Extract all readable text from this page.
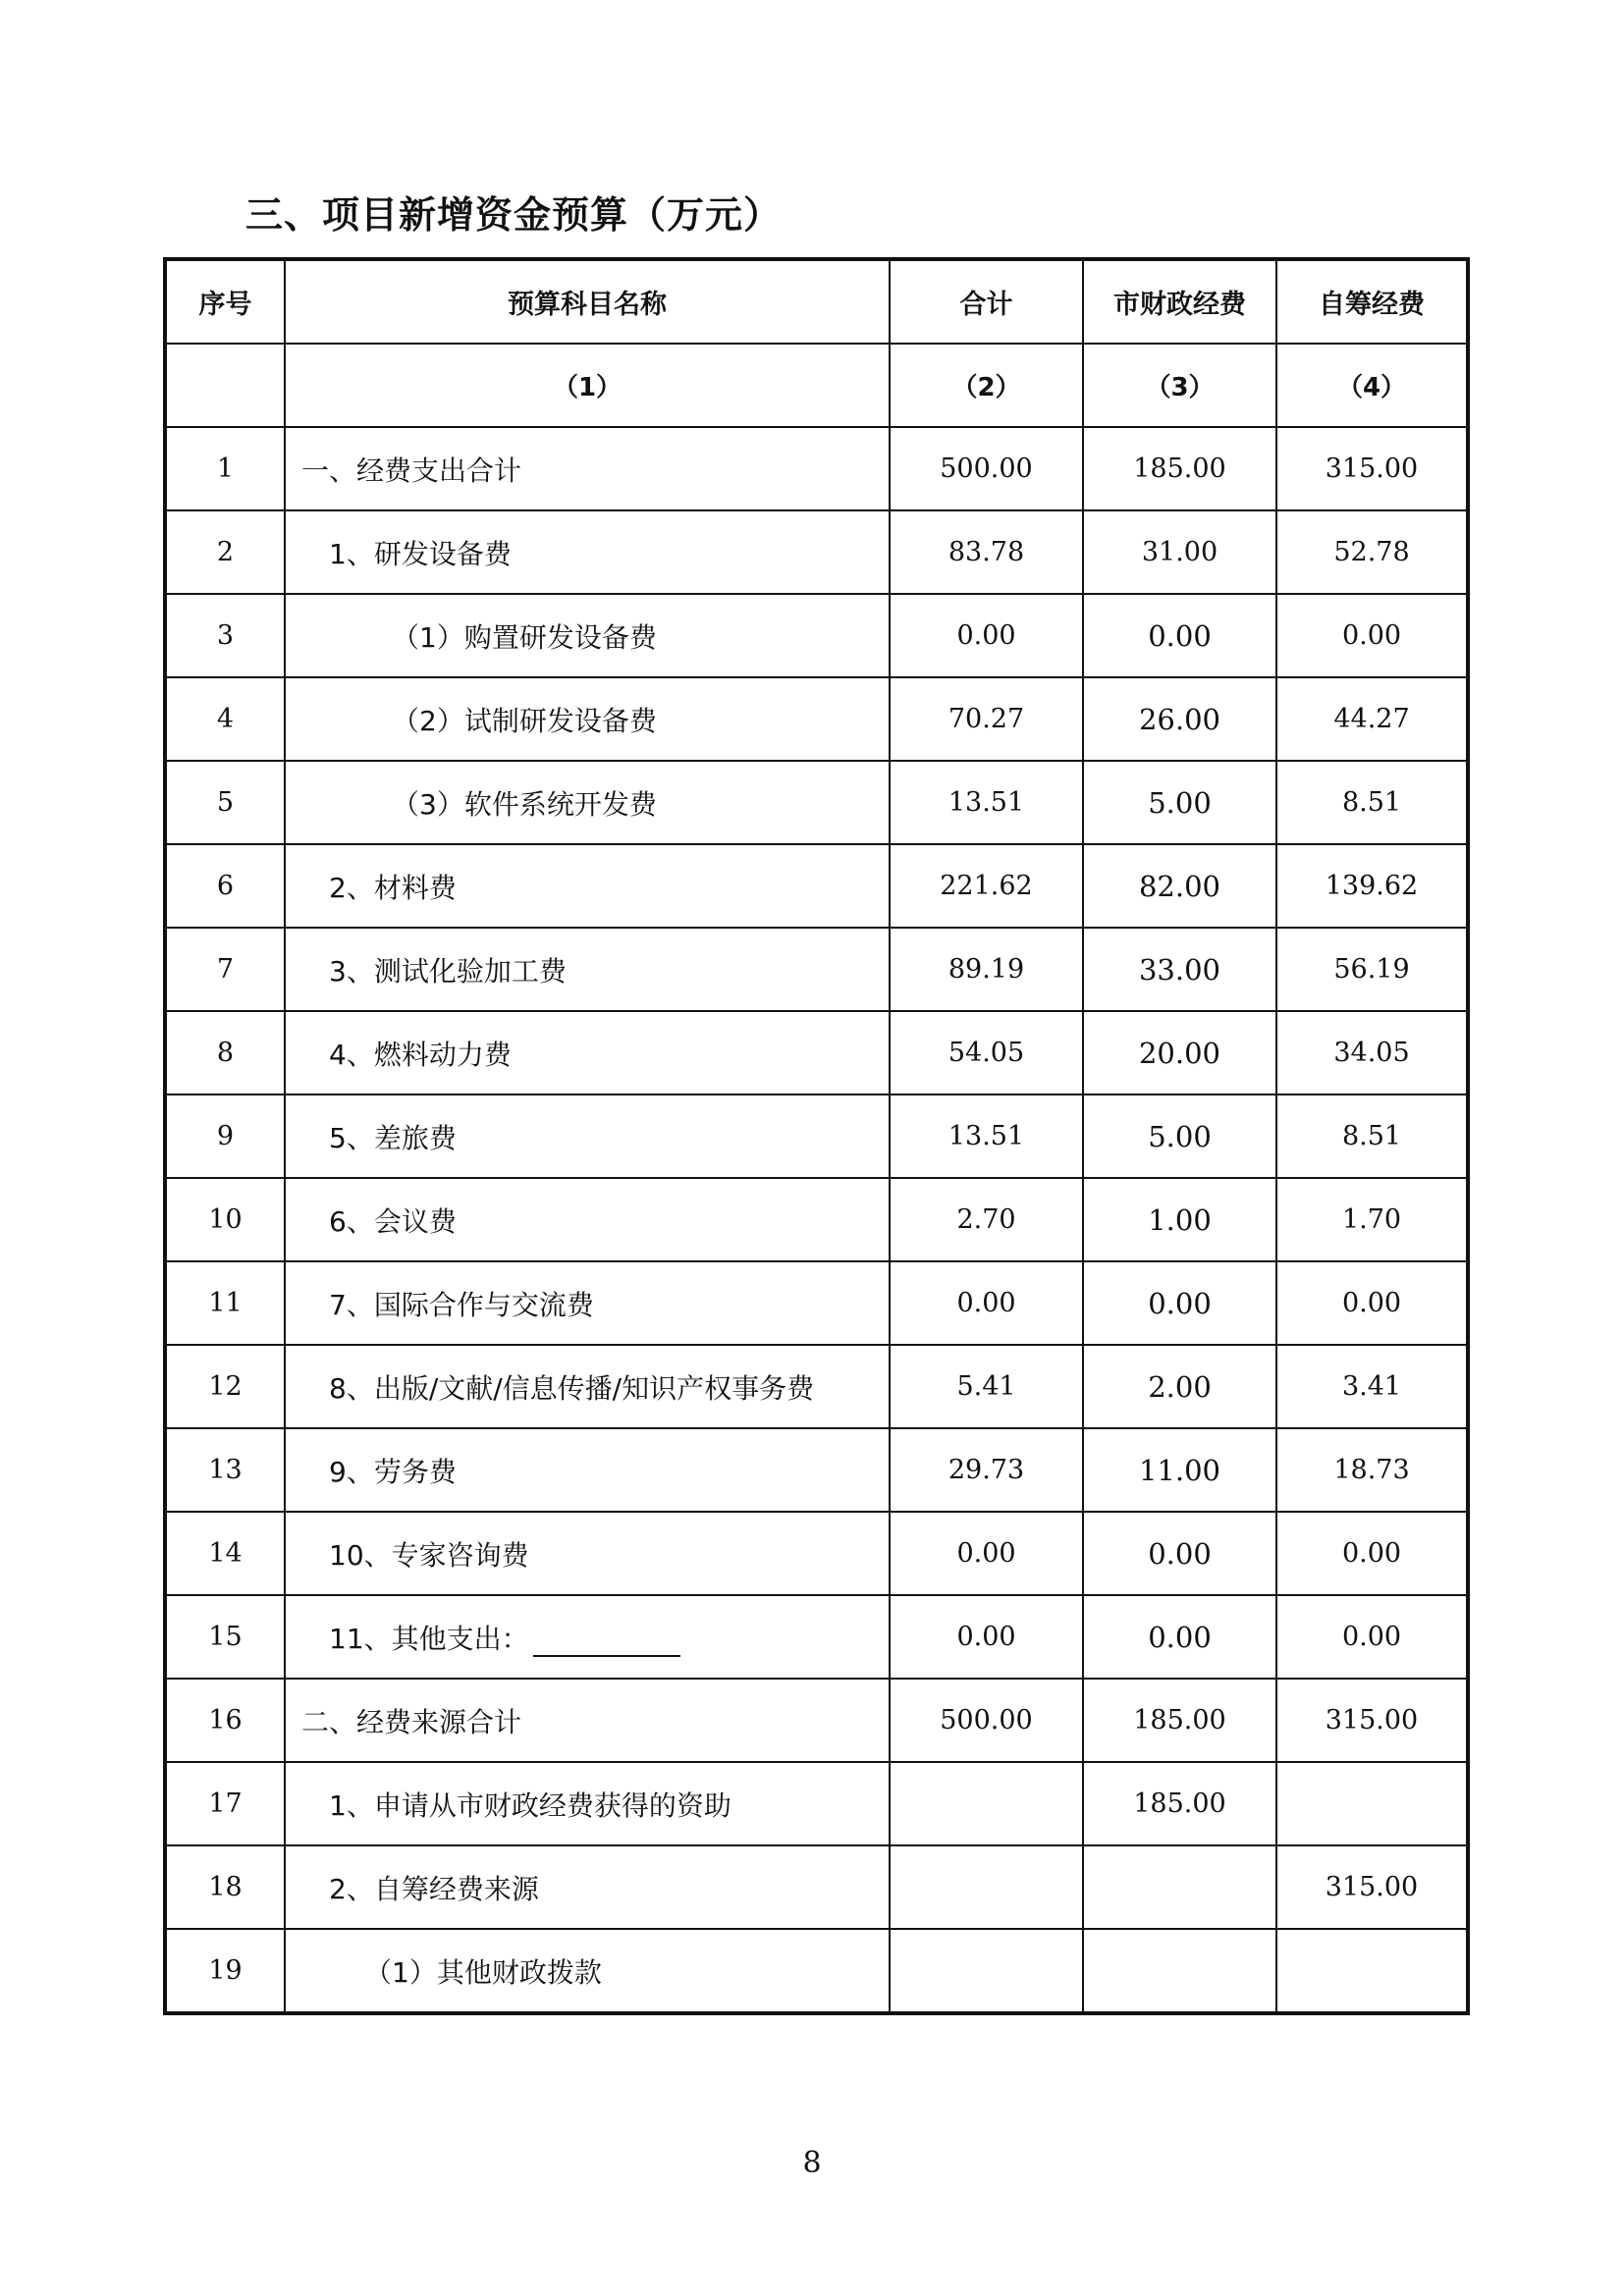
三、项目新增资金预算（万元）
序号	预算科目名称	合计	市财政经费	自筹经费
	（1）	（2）	（3）	（4）
1	一、经费支出合计	500.00	185.00	315.00
2	1、研发设备费	83.78	31.00	52.78
3	（1）购置研发设备费	0.00	0.00	0.00
4	（2）试制研发设备费	70.27	26.00	44.27
5	（3）软件系统开发费	13.51	5.00	8.51
6	2、材料费	221.62	82.00	139.62
7	3、测试化验加工费	89.19	33.00	56.19
8	4、燃料动力费	54.05	20.00	34.05
9	5、差旅费	13.51	5.00	8.51
10	6、会议费	2.70	1.00	1.70
11	7、国际合作与交流费	0.00	0.00	0.00
12	8、出版/文献/信息传播/知识产权事务费	5.41	2.00	3.41
13	9、劳务费	29.73	11.00	18.73
14	10、专家咨询费	0.00	0.00	0.00
15	11、其他支出：	0.00	0.00	0.00
16	二、经费来源合计	500.00	185.00	315.00
17	1、申请从市财政经费获得的资助		185.00	
18	2、自筹经费来源			315.00
19	（1）其他财政拨款			
8
